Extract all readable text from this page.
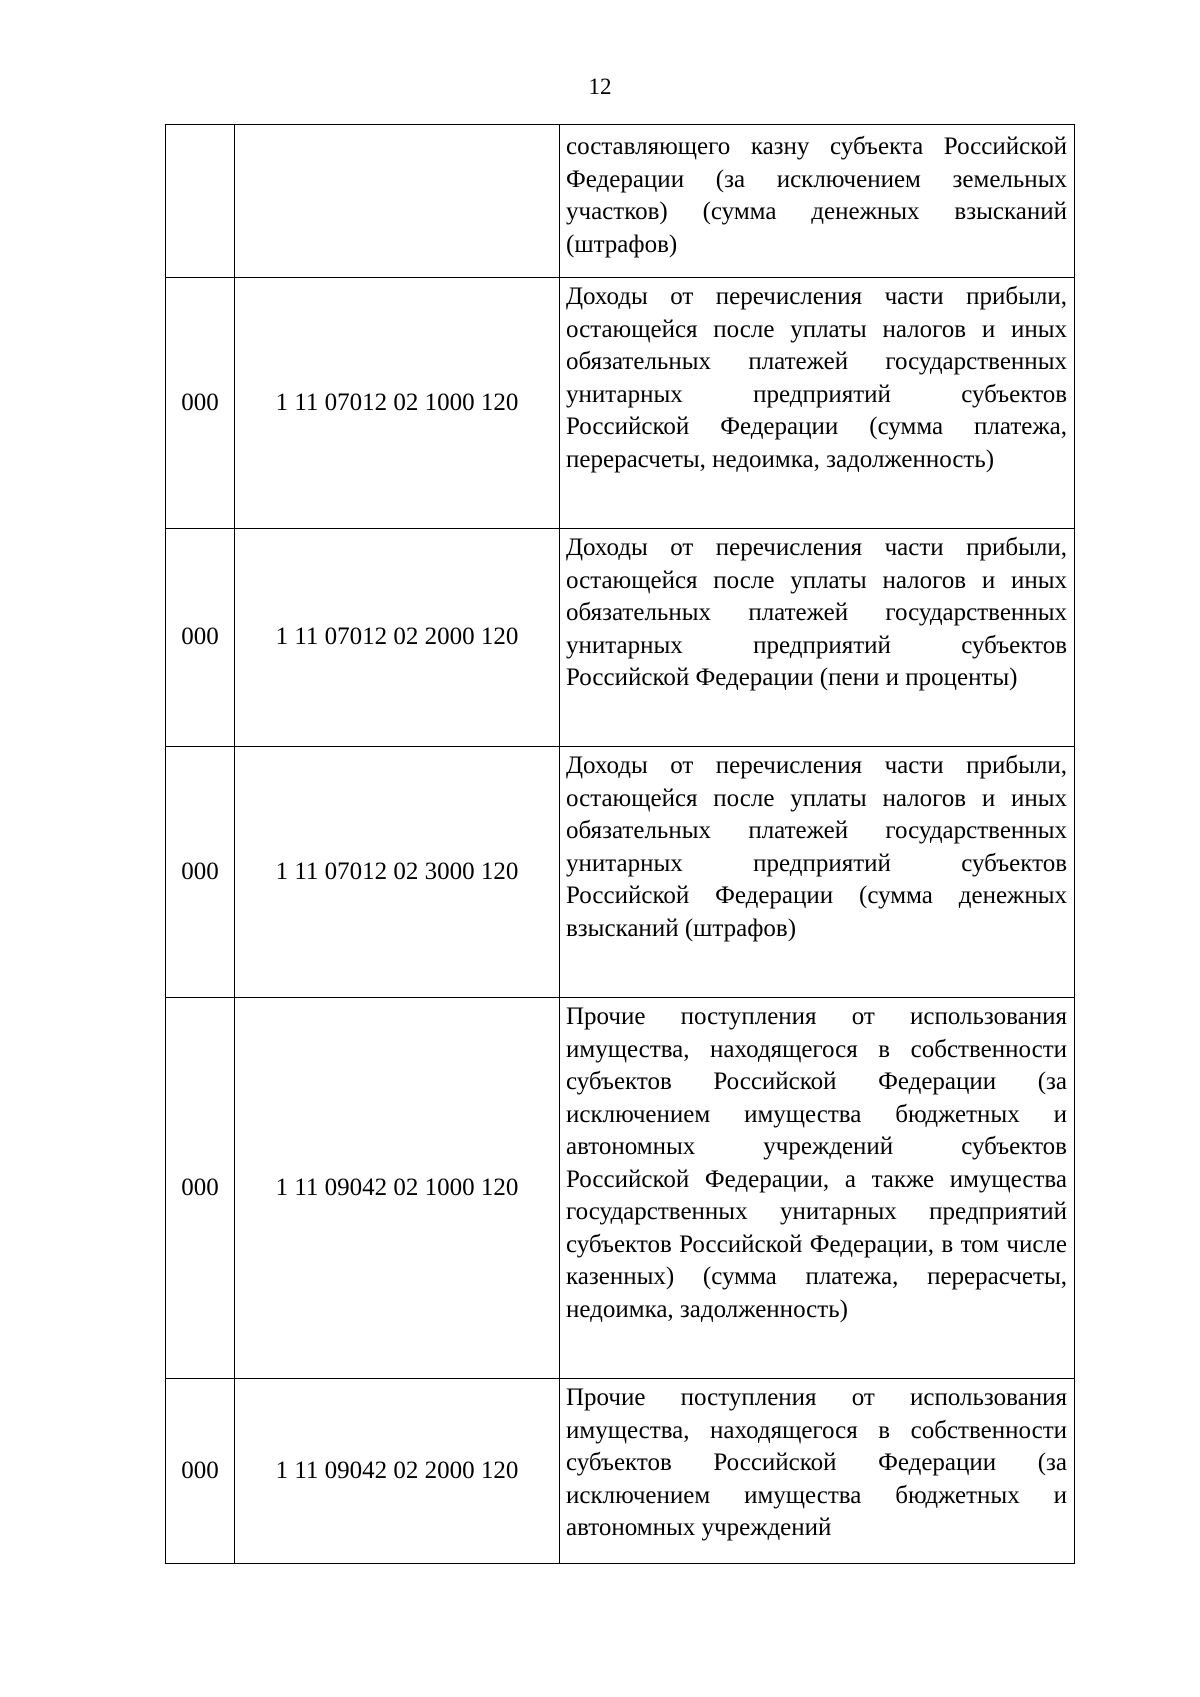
12
		составляющего казну субъекта Российской Федерации (за исключением земельных участков) (сумма денежных взысканий (штрафов)
000	1 11 07012 02 1000 120	Доходы от перечисления части прибыли, остающейся после уплаты налогов и иных обязательных платежей государственных унитарных предприятий субъектов Российской Федерации (сумма платежа, перерасчеты, недоимка, задолженность)
000	1 11 07012 02 2000 120	Доходы от перечисления части прибыли, остающейся после уплаты налогов и иных обязательных платежей государственных унитарных предприятий субъектов Российской Федерации (пени и проценты)
000	1 11 07012 02 3000 120	Доходы от перечисления части прибыли, остающейся после уплаты налогов и иных обязательных платежей государственных унитарных предприятий субъектов Российской Федерации (сумма денежных взысканий (штрафов)
000	1 11 09042 02 1000 120	Прочие поступления от использования имущества, находящегося в собственности субъектов Российской Федерации (за исключением имущества бюджетных и автономных учреждений субъектов Российской Федерации, а также имущества государственных унитарных предприятий субъектов Российской Федерации, в том числе казенных) (сумма платежа, перерасчеты, недоимка, задолженность)
000	1 11 09042 02 2000 120	Прочие поступления от использования имущества, находящегося в собственности субъектов Российской Федерации (за исключением имущества бюджетных и автономных учреждений
